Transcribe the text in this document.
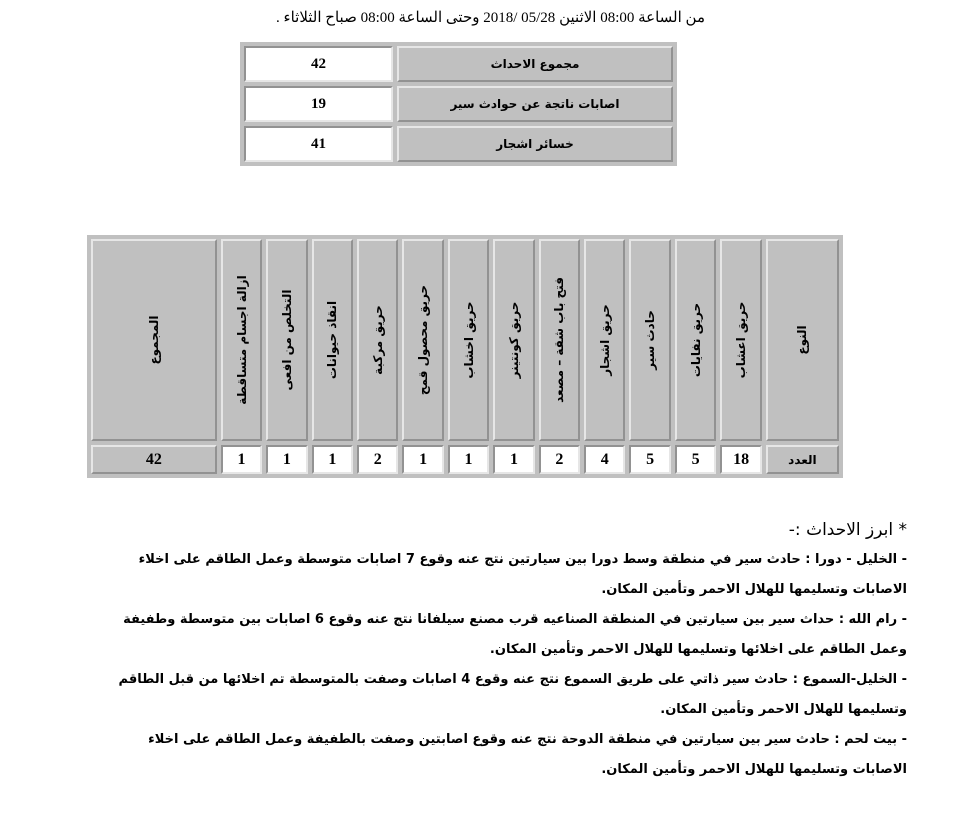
من الساعة 08:00 الاثنين 05/28 /2018 وحتى الساعة 08:00 صباح الثلاثاء .
مجموع الاحداث	42
اصابات ناتجة عن حوادث سير	19
خسائر اشجار	41
النوع	حريق اعشاب	حريق نفايات	حادث سير	حريق اشجار	فتح باب شقة – مصعد	حريق كونتينر	حريق اخشاب	حريق محصول قمح	حريق مركبة	انقاذ حيوانات	التخلص من افعى	ازالة اجسام متساقطة	المجموع

العدد	18	5	5	4	2	1	1	1	2	1	1	1	42
* ابرز الاحداث :-

- الخليل - دورا : حادث سير في منطقة وسط دورا بين سيارتين نتج عنه وقوع 7 اصابات متوسطة وعمل الطاقم على اخلاء الاصابات وتسليمها للهلال الاحمر وتأمين المكان.

- رام الله : حداث سير بين سيارتين في المنطقة الصناعيه قرب مصنع سيلفانا نتج عنه وقوع 6 اصابات بين متوسطة وطفيفة وعمل الطاقم على اخلائها وتسليمها للهلال الاحمر وتأمين المكان.

- الخليل-السموع : حادث سير ذاتي على طريق السموع نتج عنه وقوع 4 اصابات وصفت بالمتوسطة تم اخلائها من قبل الطاقم وتسليمها للهلال الاحمر وتأمين المكان.

- بيت لحم : حادث سير بين سيارتين في منطقة الدوحة نتج عنه وقوع اصابتين وصفت بالطفيفة وعمل الطاقم على اخلاء الاصابات وتسليمها للهلال الاحمر وتأمين المكان.
